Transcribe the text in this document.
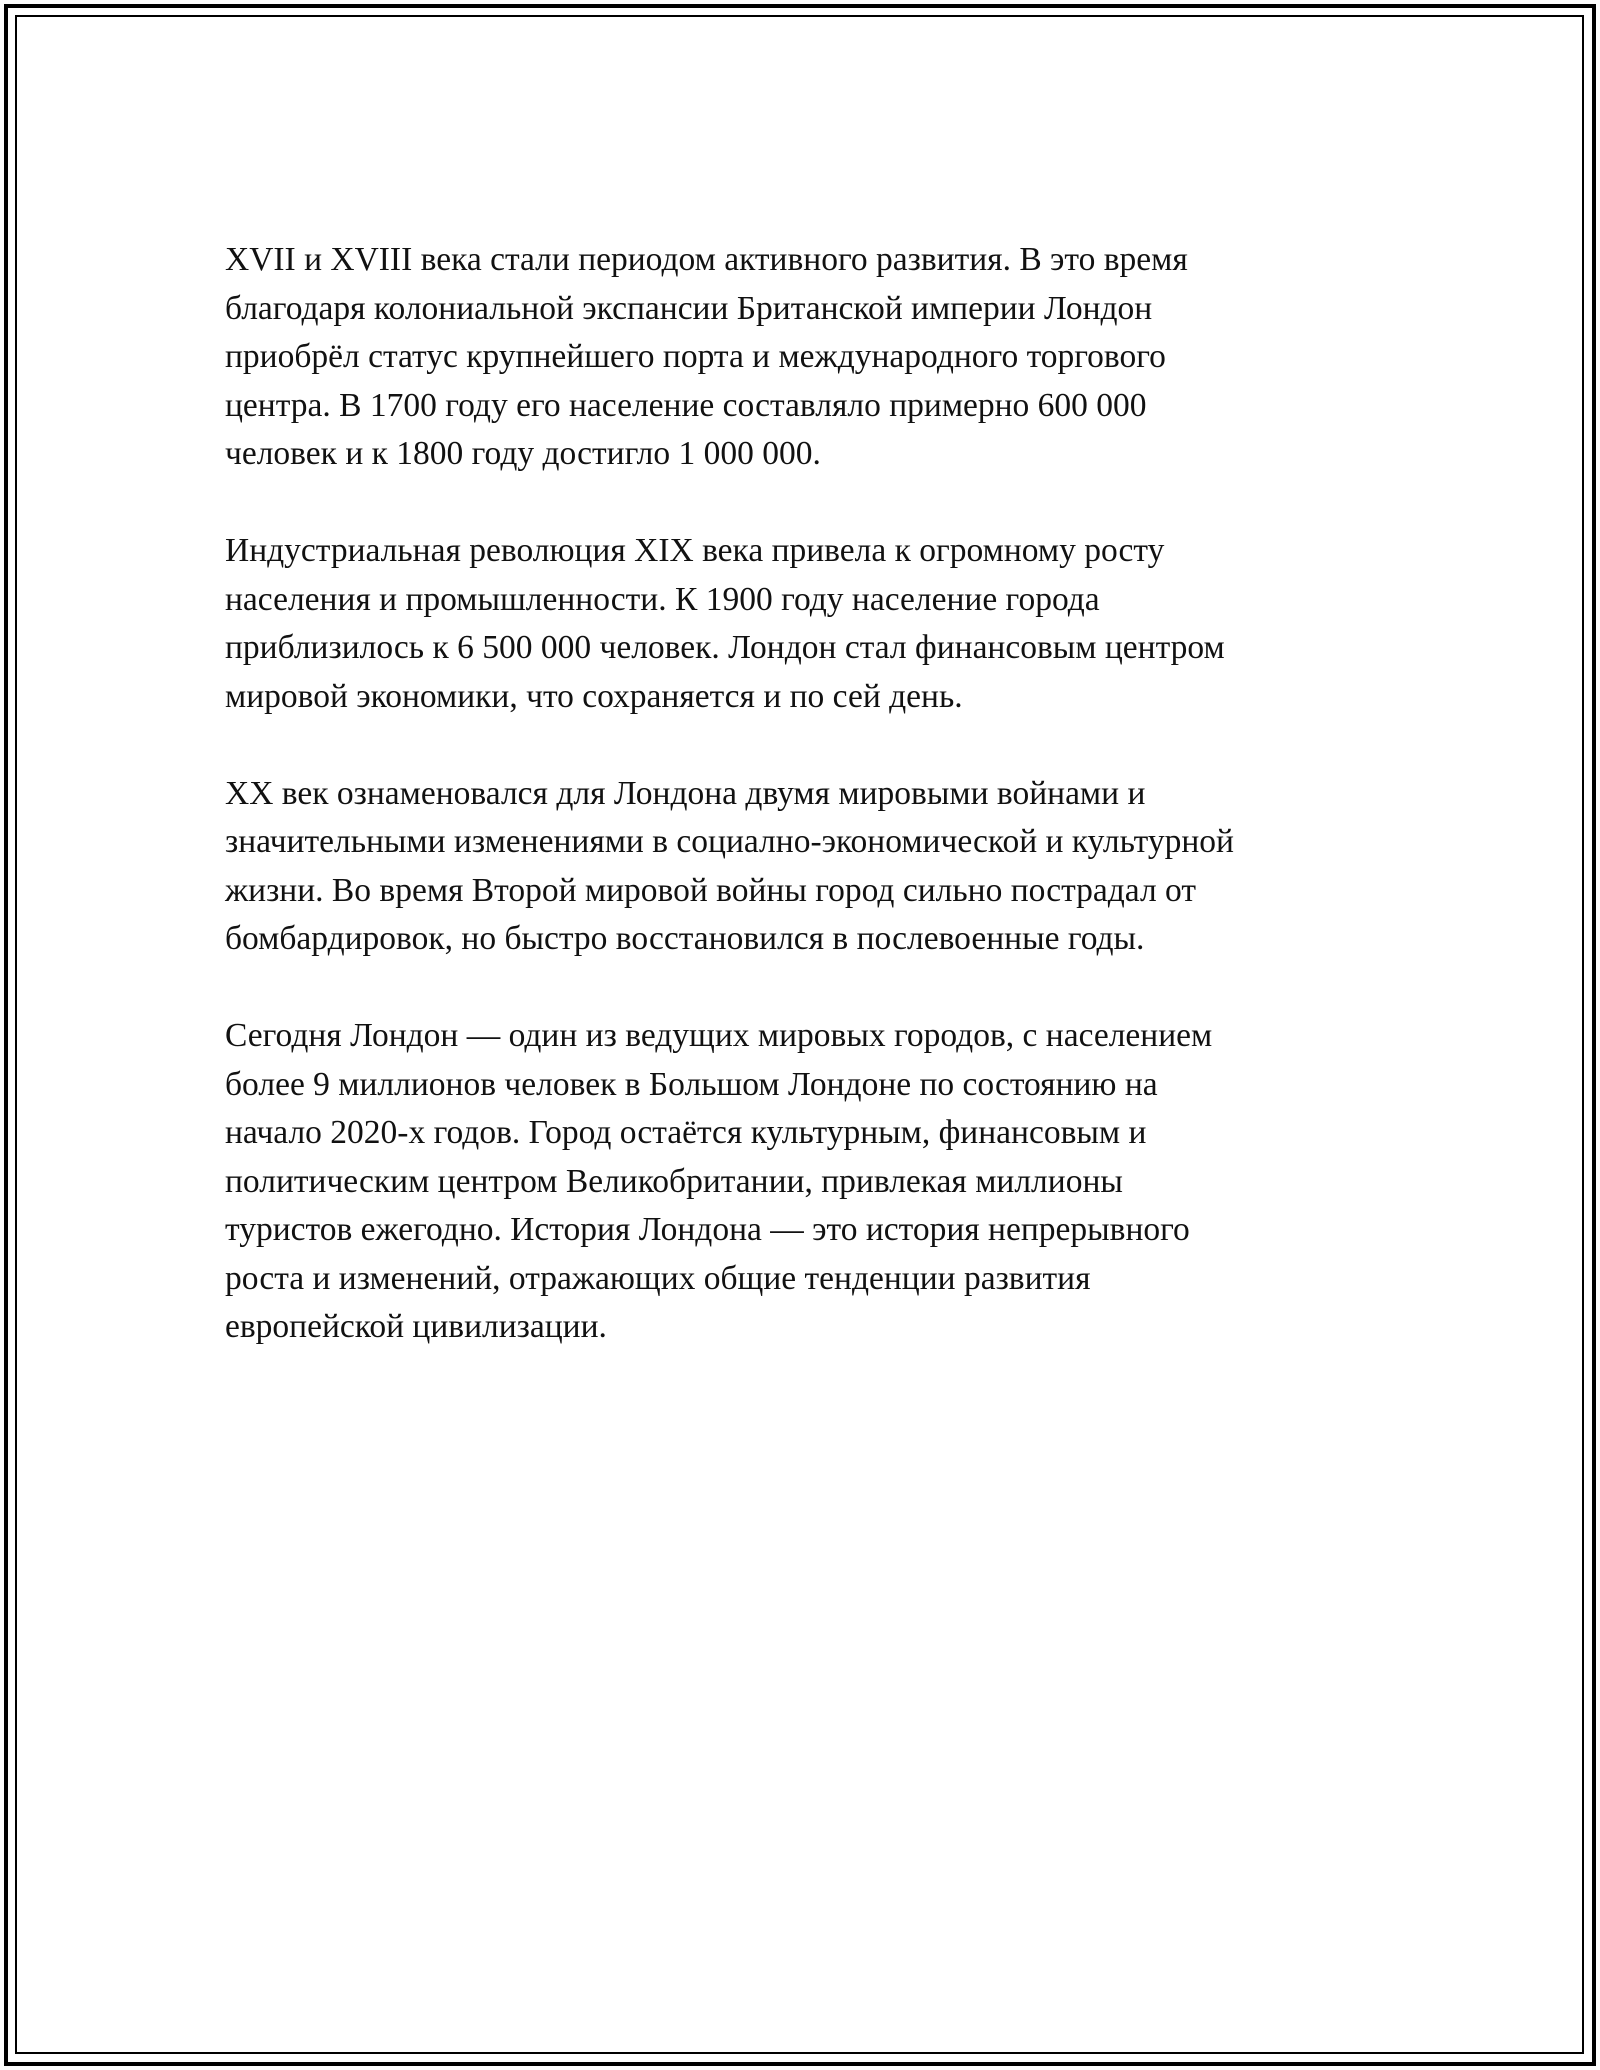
XVII и XVIII века стали периодом активного развития. В это время

благодаря колониальной экспансии Британской империи Лондон

приобрёл статус крупнейшего порта и международного торгового

центра. В 1700 году его население составляло примерно 600 000

человек и к 1800 году достигло 1 000 000.

Индустриальная революция XIX века привела к огромному росту

населения и промышленности. К 1900 году население города

приблизилось к 6 500 000 человек. Лондон стал финансовым центром

мировой экономики, что сохраняется и по сей день.

XX век ознаменовался для Лондона двумя мировыми войнами и

значительными изменениями в социално-экономической и культурной

жизни. Во время Второй мировой войны город сильно пострадал от

бомбардировок, но быстро восстановился в послевоенные годы.

Сегодня Лондон — один из ведущих мировых городов, с населением

более 9 миллионов человек в Большом Лондоне по состоянию на

начало 2020-х годов. Город остаётся культурным, финансовым и

политическим центром Великобритании, привлекая миллионы

туристов ежегодно. История Лондона — это история непрерывного

роста и изменений, отражающих общие тенденции развития

европейской цивилизации.
